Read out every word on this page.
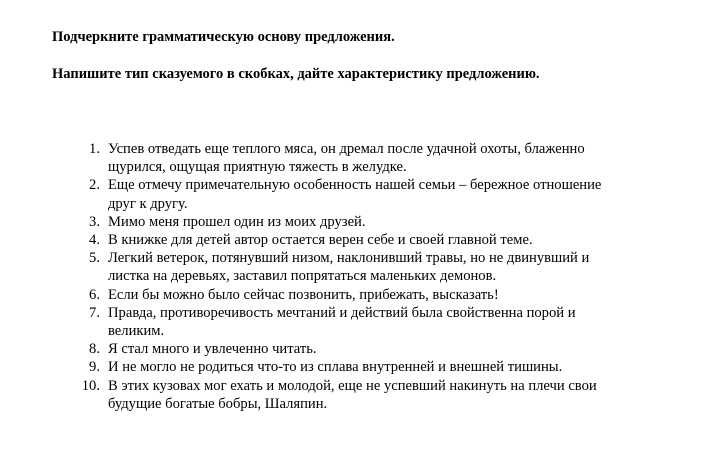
Подчеркните грамматическую основу предложения.

Напишите тип сказуемого в скобках, дайте характеристику предложению.

1. Успев отведать еще теплого мяса, он дремал после удачной охоты, блаженно
щурился, ощущая приятную тяжесть в желудке.
2. Еще отмечу примечательную особенность нашей семьи – бережное отношение
друг к другу.
3. Мимо меня прошел один из моих друзей.
4. В книжке для детей автор остается верен себе и своей главной теме.
5. Легкий ветерок, потянувший низом, наклонивший травы, но не двинувший и
листка на деревьях, заставил попрятаться маленьких демонов.
6. Если бы можно было сейчас позвонить, прибежать, высказать!
7. Правда, противоречивость мечтаний и действий была свойственна порой и
великим.
8. Я стал много и увлеченно читать.
9. И не могло не родиться что-то из сплава внутренней и внешней тишины.
10. В этих кузовах мог ехать и молодой, еще не успевший накинуть на плечи свои
будущие богатые бобры, Шаляпин.
